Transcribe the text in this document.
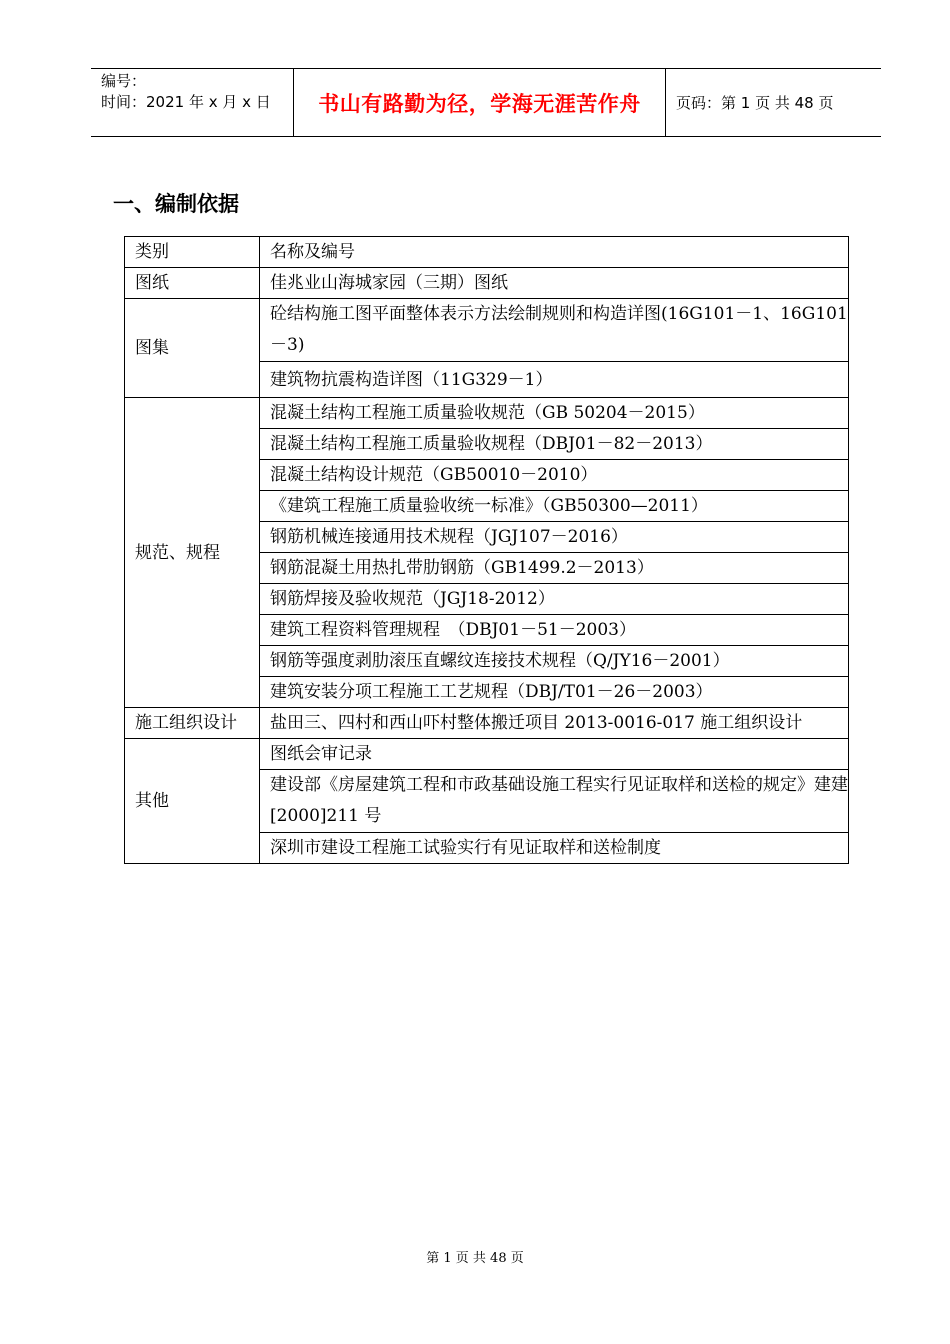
编号：
时间：2021 年 x 月 x 日	书山有路勤为径，学海无涯苦作舟	页码：第 1 页 共 48 页
一、编制依据
类别	名称及编号
图纸	佳兆业山海城家园（三期）图纸
图集	砼结构施工图平面整体表示方法绘制规则和构造详图(16G101－1、16G101－3)
	建筑物抗震构造详图（11G329－1）
规范、规程	混凝土结构工程施工质量验收规范（GB 50204－2015）
	混凝土结构工程施工质量验收规程（DBJ01－82－2013）
	混凝土结构设计规范（GB50010－2010）
	《建筑工程施工质量验收统一标准》（GB50300—2011）
	钢筋机械连接通用技术规程（JGJ107－2016）
	钢筋混凝土用热扎带肋钢筋（GB1499.2－2013）
	钢筋焊接及验收规范（JGJ18-2012）
	建筑工程资料管理规程　（DBJ01－51－2003）
	钢筋等强度剥肋滚压直螺纹连接技术规程（Q/JY16－2001）
	建筑安装分项工程施工工艺规程（DBJ/T01－26－2003）
施工组织设计	盐田三、四村和西山吓村整体搬迁项目 2013-0016-017 施工组织设计
其他	图纸会审记录
	建设部《房屋建筑工程和市政基础设施工程实行见证取样和送检的规定》建建[2000]211 号
	深圳市建设工程施工试验实行有见证取样和送检制度
第 1 页 共 48 页
